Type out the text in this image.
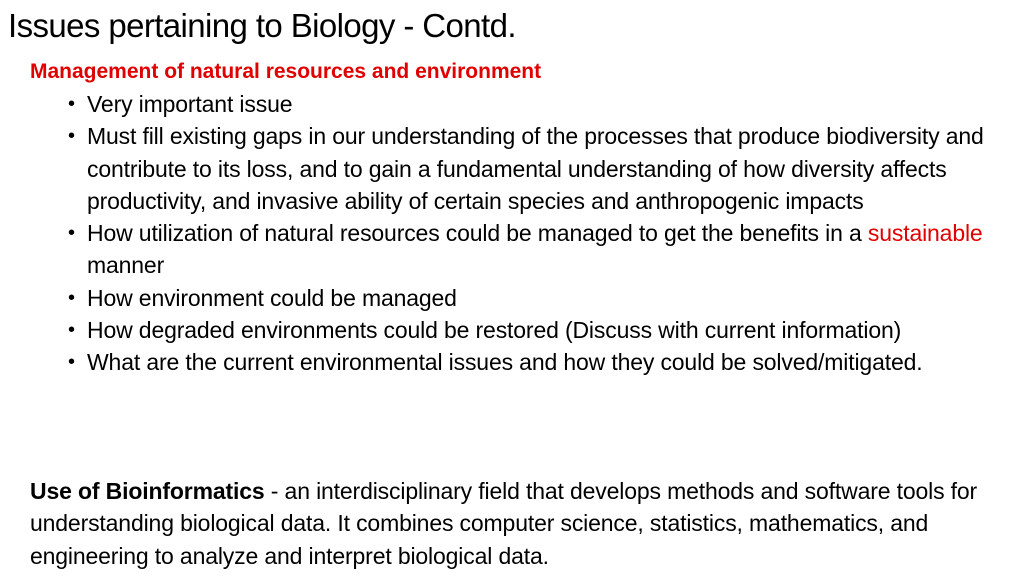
Issues pertaining to Biology - Contd.
Management of natural resources and environment
• Very important issue
• Must fill existing gaps in our understanding of the processes that produce biodiversity and contribute to its loss, and to gain a fundamental understanding of how diversity affects productivity, and invasive ability of certain species and anthropogenic impacts
• How utilization of natural resources could be managed to get the benefits in a sustainable manner
• How environment could be managed
• How degraded environments could be restored (Discuss with current information)
• What are the current environmental issues and how they could be solved/mitigated.

Use of Bioinformatics - an interdisciplinary field that develops methods and software tools for understanding biological data. It combines computer science, statistics, mathematics, and engineering to analyze and interpret biological data.
